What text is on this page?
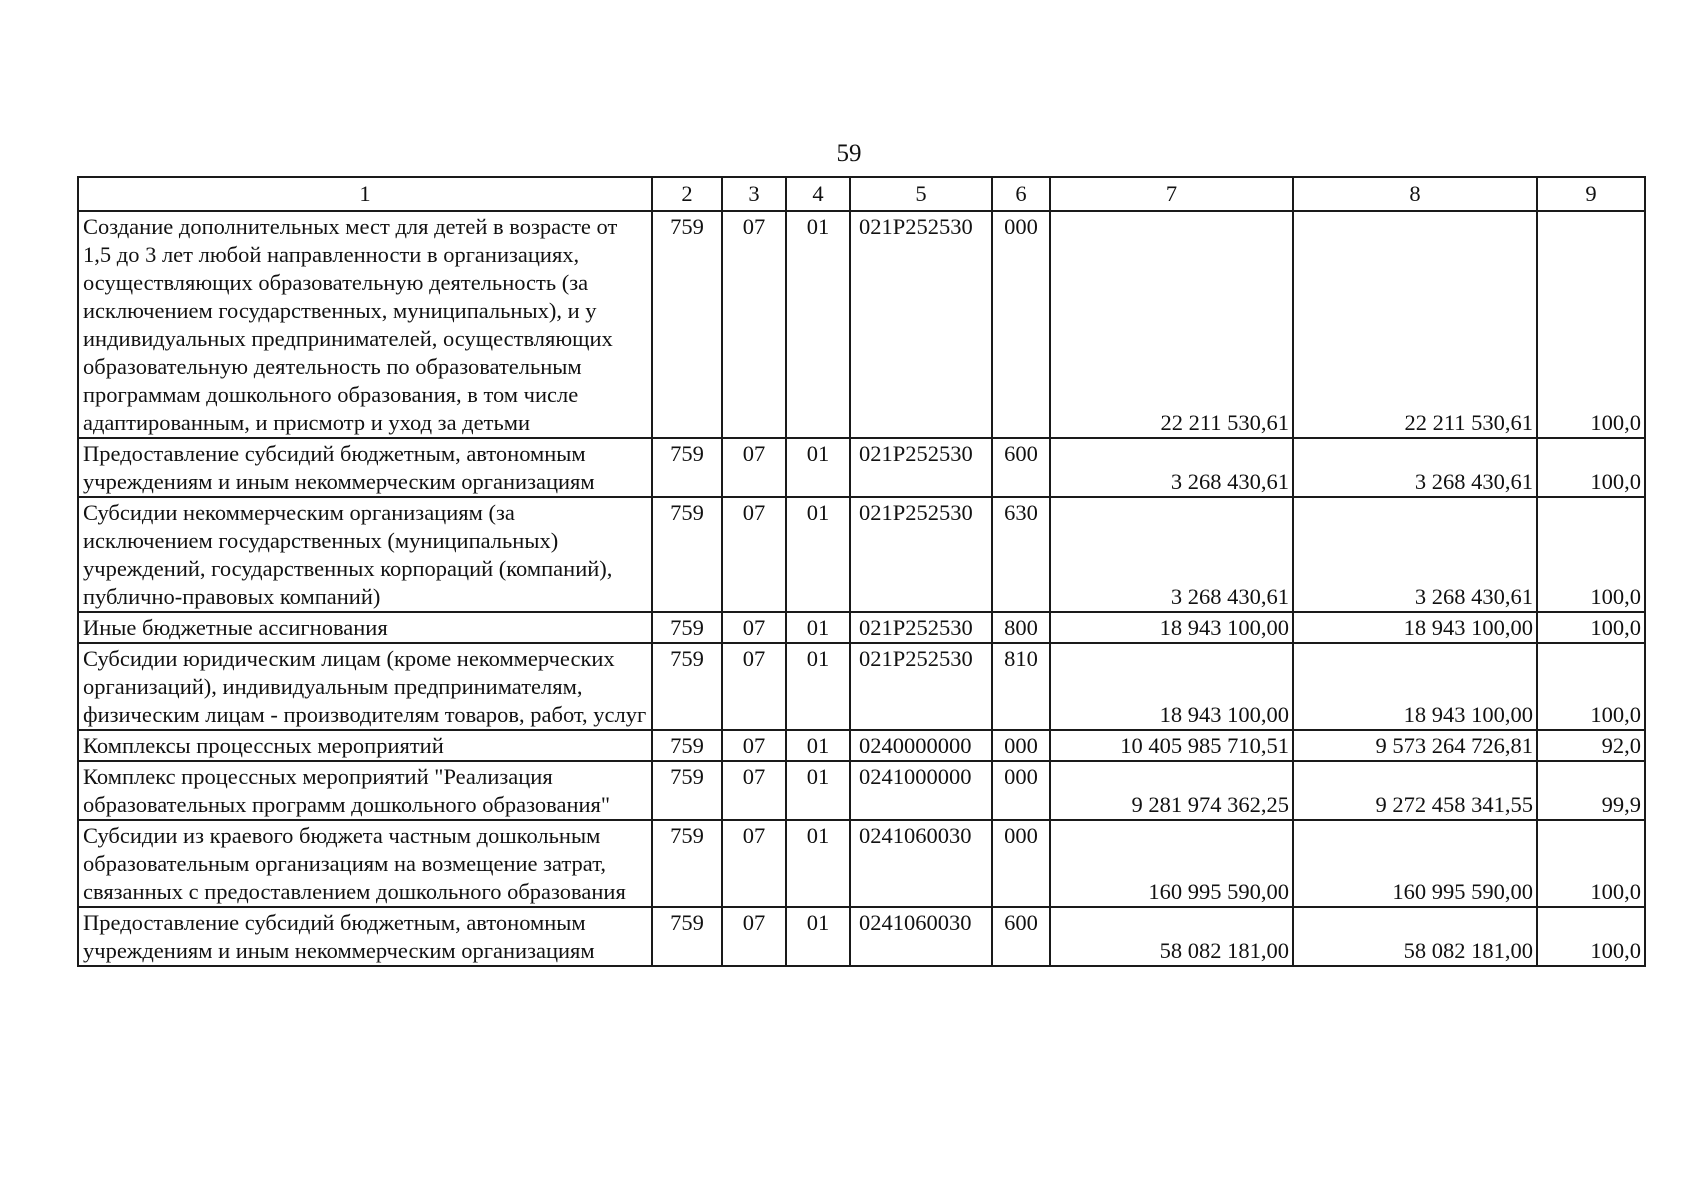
59
1	2	3	4	5	6	7	8	9
Создание дополнительных мест для детей в возрасте от 1,5 до 3 лет любой направленности в организациях, осуществляющих образовательную деятельность (за исключением государственных, муниципальных), и у индивидуальных предпринимателей, осуществляющих образовательную деятельность по образовательным программам дошкольного образования, в том числе адаптированным, и присмотр и уход за детьми	759	07	01	021P252530	000	22 211 530,61	22 211 530,61	100,0
Предоставление субсидий бюджетным, автономным учреждениям и иным некоммерческим организациям	759	07	01	021P252530	600	3 268 430,61	3 268 430,61	100,0
Субсидии некоммерческим организациям (за исключением государственных (муниципальных) учреждений, государственных корпораций (компаний), публично-правовых компаний)	759	07	01	021P252530	630	3 268 430,61	3 268 430,61	100,0
Иные бюджетные ассигнования	759	07	01	021P252530	800	18 943 100,00	18 943 100,00	100,0
Субсидии юридическим лицам (кроме некоммерческих организаций), индивидуальным предпринимателям, физическим лицам - производителям товаров, работ, услуг	759	07	01	021P252530	810	18 943 100,00	18 943 100,00	100,0
Комплексы процессных мероприятий	759	07	01	0240000000	000	10 405 985 710,51	9 573 264 726,81	92,0
Комплекс процессных мероприятий "Реализация образовательных программ дошкольного образования"	759	07	01	0241000000	000	9 281 974 362,25	9 272 458 341,55	99,9
Субсидии из краевого бюджета частным дошкольным образовательным организациям на возмещение затрат, связанных с предоставлением дошкольного образования	759	07	01	0241060030	000	160 995 590,00	160 995 590,00	100,0
Предоставление субсидий бюджетным, автономным учреждениям и иным некоммерческим организациям	759	07	01	0241060030	600	58 082 181,00	58 082 181,00	100,0
